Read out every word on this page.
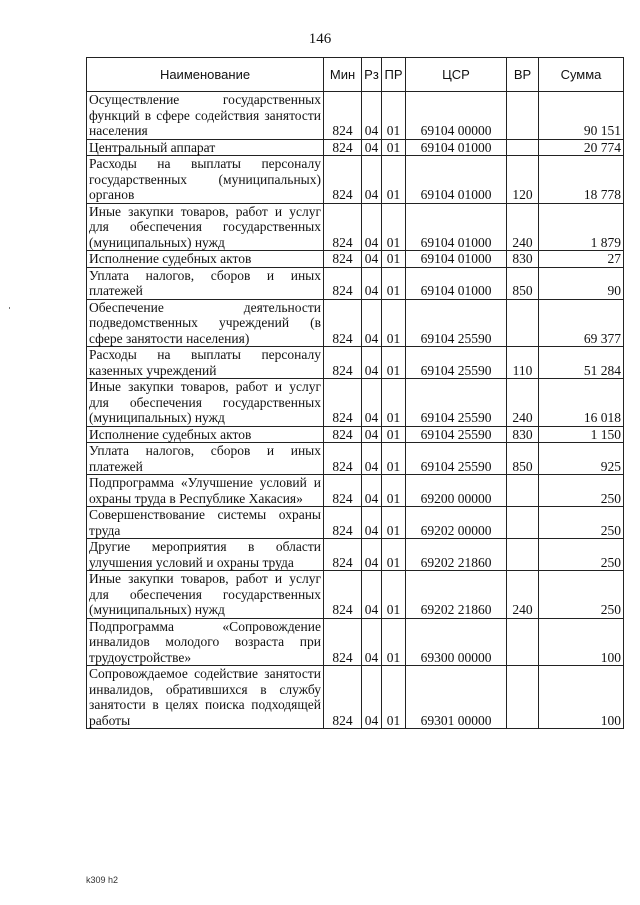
146
Наименование	Мин	Рз	ПР	ЦСР	ВР	Сумма
Осуществление государственных функций в сфере содействия занятости населения	824	04	01	69104 00000		90 151
Центральный аппарат	824	04	01	69104 01000		20 774
Расходы на выплаты персоналу государственных (муниципальных) органов	824	04	01	69104 01000	120	18 778
Иные закупки товаров, работ и услуг для обеспечения государственных (муниципальных) нужд	824	04	01	69104 01000	240	1 879
Исполнение судебных актов	824	04	01	69104 01000	830	27
Уплата налогов, сборов и иных платежей	824	04	01	69104 01000	850	90
Обеспечение деятельности подведомственных учреждений (в сфере занятости населения)	824	04	01	69104 25590		69 377
Расходы на выплаты персоналу казенных учреждений	824	04	01	69104 25590	110	51 284
Иные закупки товаров, работ и услуг для обеспечения государственных (муниципальных) нужд	824	04	01	69104 25590	240	16 018
Исполнение судебных актов	824	04	01	69104 25590	830	1 150
Уплата налогов, сборов и иных платежей	824	04	01	69104 25590	850	925
Подпрограмма «Улучшение условий и охраны труда в Республике Хакасия»	824	04	01	69200 00000		250
Совершенствование системы охраны труда	824	04	01	69202 00000		250
Другие мероприятия в области улучшения условий и охраны труда	824	04	01	69202 21860		250
Иные закупки товаров, работ и услуг для обеспечения государственных (муниципальных) нужд	824	04	01	69202 21860	240	250
Подпрограмма «Сопровождение инвалидов молодого возраста при трудоустройстве»	824	04	01	69300 00000		100
Сопровождаемое содействие занятости инвалидов, обратившихся в службу занятости в целях поиска подходящей работы	824	04	01	69301 00000		100
k309 h2
